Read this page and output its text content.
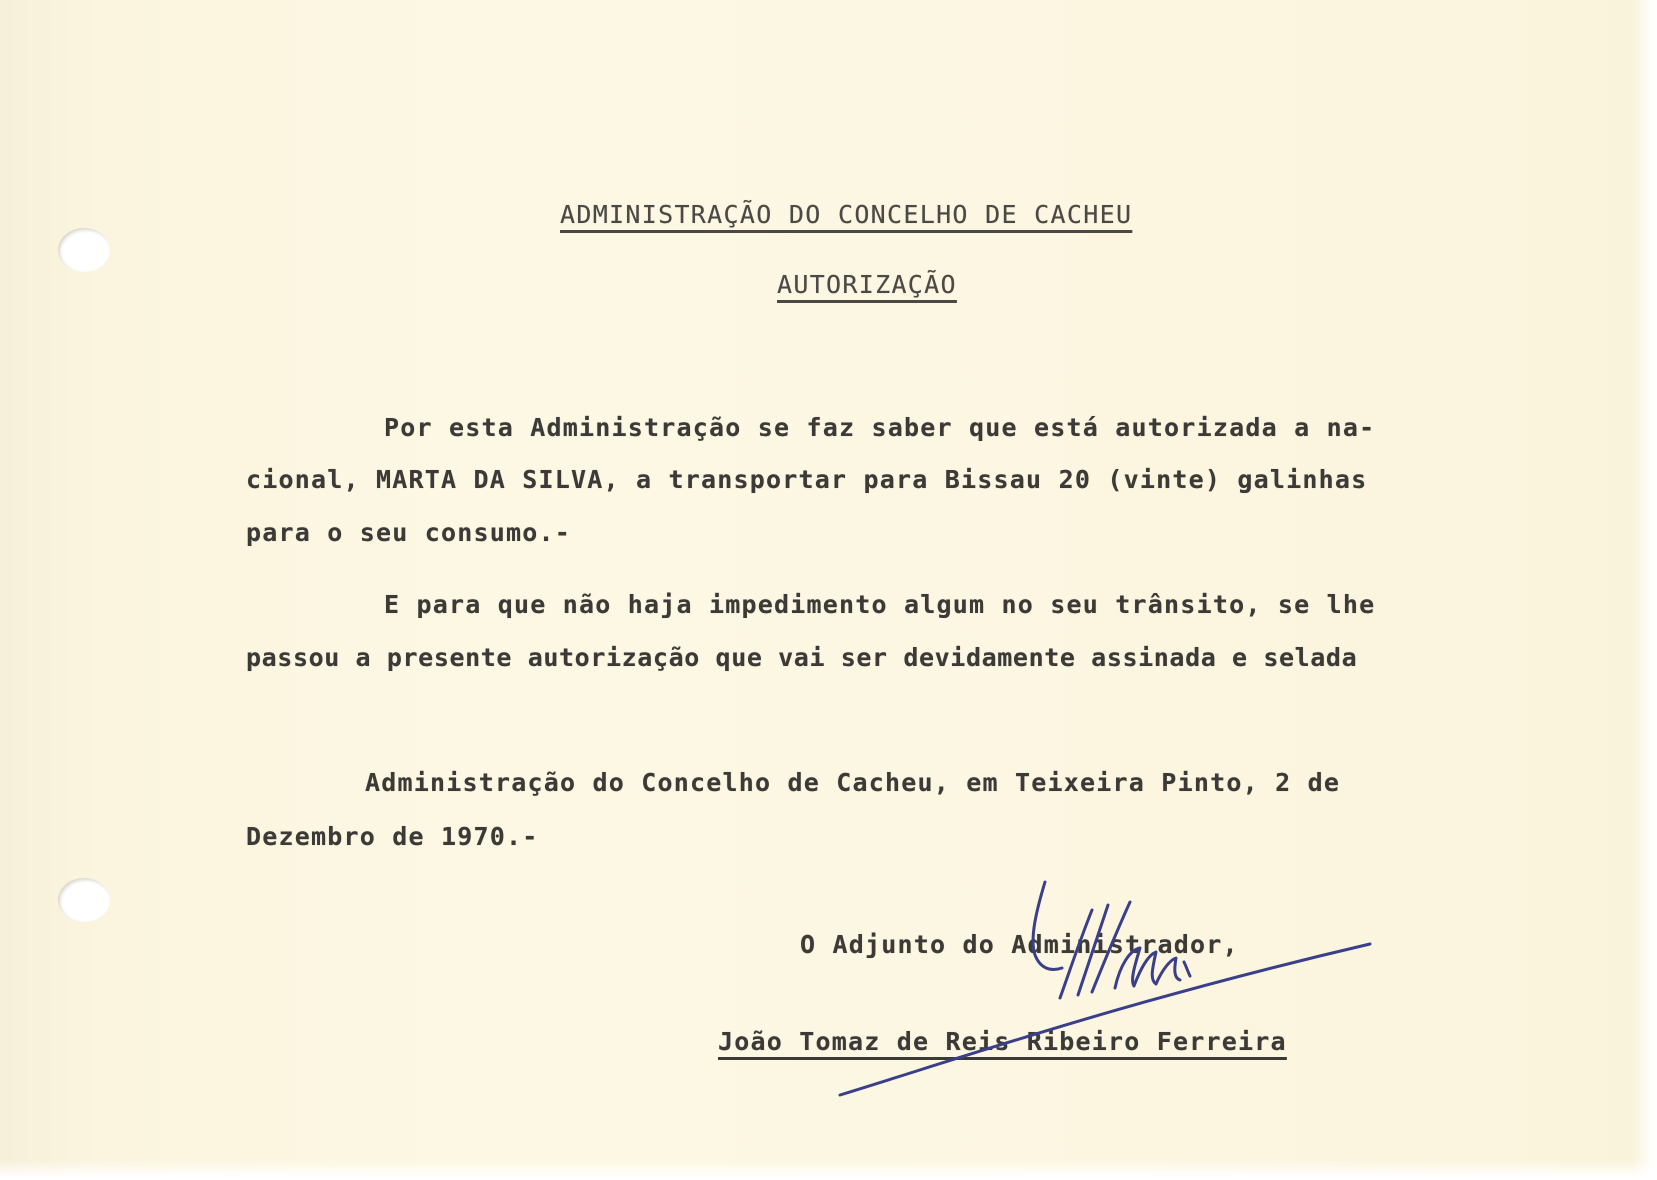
ADMINISTRAÇÃO DO CONCELHO DE CACHEU
AUTORIZAÇÃO
Por esta Administração se faz saber que está autorizada a na-
cional, MARTA DA SILVA, a transportar para Bissau 20 (vinte) galinhas
para o seu consumo.-
E para que não haja impedimento algum no seu trânsito, se lhe
passou a presente autorização que vai ser devidamente assinada e selada
Administração do Concelho de Cacheu, em Teixeira Pinto, 2 de
Dezembro de 1970.-
O Adjunto do Administrador,
João Tomaz de Reis Ribeiro Ferreira
